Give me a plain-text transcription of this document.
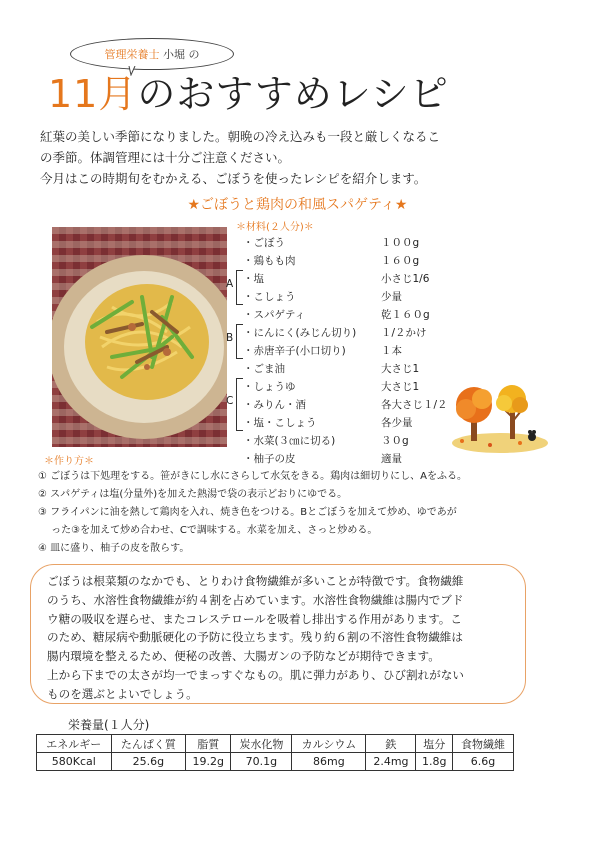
管理栄養士 小堀 の
11月のおすすめレシピ

紅葉の美しい季節になりました。朝晩の冷え込みも一段と厳しくなるこ

の季節。体調管理には十分ご注意ください。

今月はこの時期旬をむかえる、ごぼうを使ったレシピを紹介します。

★ごぼうと鶏肉の和風スパゲティ★
＊材料(２人分)＊
・ごぼう	１００g
・鶏もも肉	１６０g
・塩	小さじ1/6
・こしょう	少量
・スパゲティ	乾１６０g
・にんにく(みじん切り) １/２かけ
・赤唐辛子(小口切り)	１本
・ごま油	大さじ1
・しょうゆ	大さじ1
・みりん・酒	各大さじ１/２
・塩・こしょう	各少量
・水菜(３㎝に切る)	３０g
・柚子の皮	適量
A
B
C
＊作り方＊
① ごぼうは下処理をする。笹がきにし水にさらして水気をきる。鶏肉は細切りにし、Aをふる。
② スパゲティは塩(分量外)を加えた熱湯で袋の表示どおりにゆでる。
③ フライパンに油を熱して鶏肉を入れ、焼き色をつける。Bとごぼうを加えて炒め、ゆであが
　 った③を加えて炒め合わせ、Cで調味する。水菜を加え、さっと炒める。
④ 皿に盛り、柚子の皮を散らす。

ごぼうは根菜類のなかでも、とりわけ食物繊維が多いことが特徴です。食物繊維

のうち、水溶性食物繊維が約４割を占めています。水溶性食物繊維は腸内でブド

ウ糖の吸収を遅らせ、またコレステロールを吸着し排出する作用があります。こ

のため、糖尿病や動脈硬化の予防に役立ちます。残り約６割の不溶性食物繊維は

腸内環境を整えるため、便秘の改善、大腸ガンの予防などが期待できます。

上から下までの太さが均一でまっすぐなもの。肌に弾力があり、ひび割れがない

ものを選ぶとよいでしょう。

栄養量(１人分)
エネルギー	たんぱく質	脂質	炭水化物	カルシウム	鉄	塩分	食物繊維
580Kcal	25.6g	19.2g	70.1g	86mg	2.4mg	1.8g	6.6g
